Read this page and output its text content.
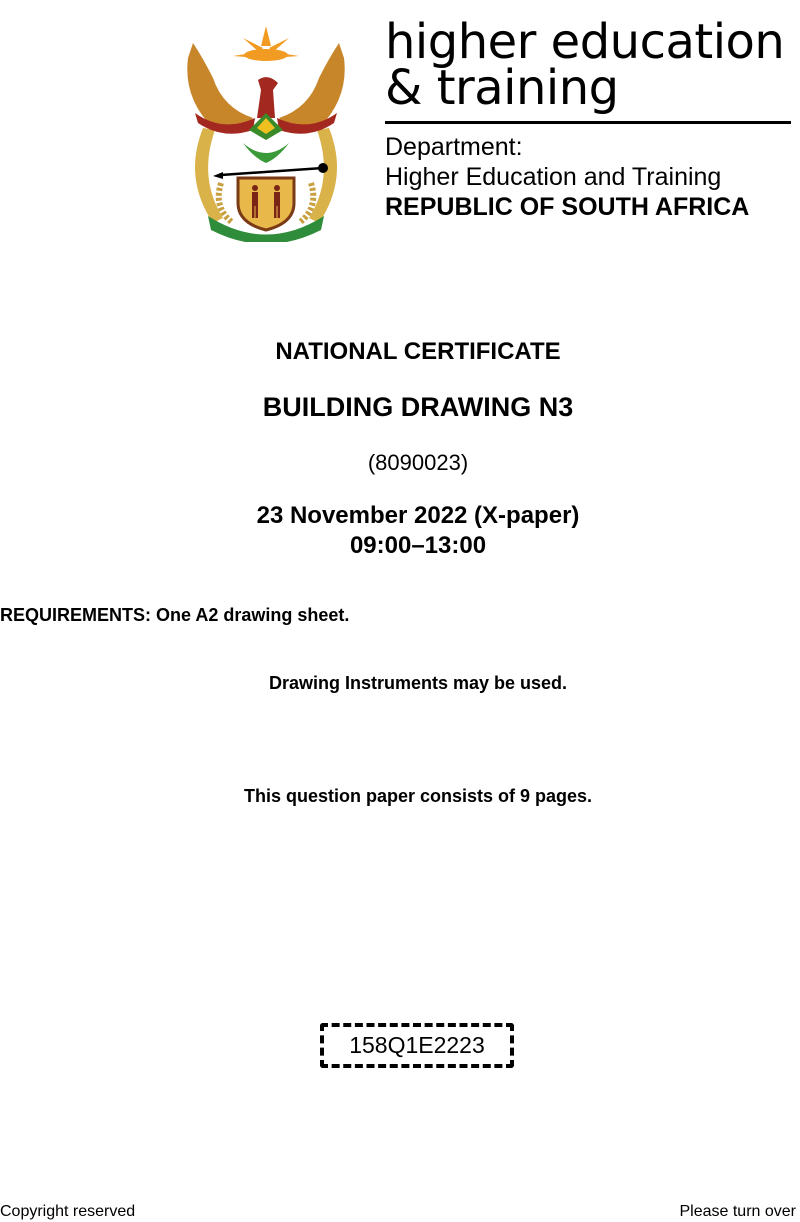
higher education
& training
Department:
Higher Education and Training
REPUBLIC OF SOUTH AFRICA
NATIONAL CERTIFICATE
BUILDING DRAWING N3
(8090023)
23 November 2022 (X-paper)
09:00–13:00
REQUIREMENTS: One A2 drawing sheet.
Drawing Instruments may be used.
This question paper consists of 9 pages.
158Q1E2223
Copyright reserved	Please turn over
